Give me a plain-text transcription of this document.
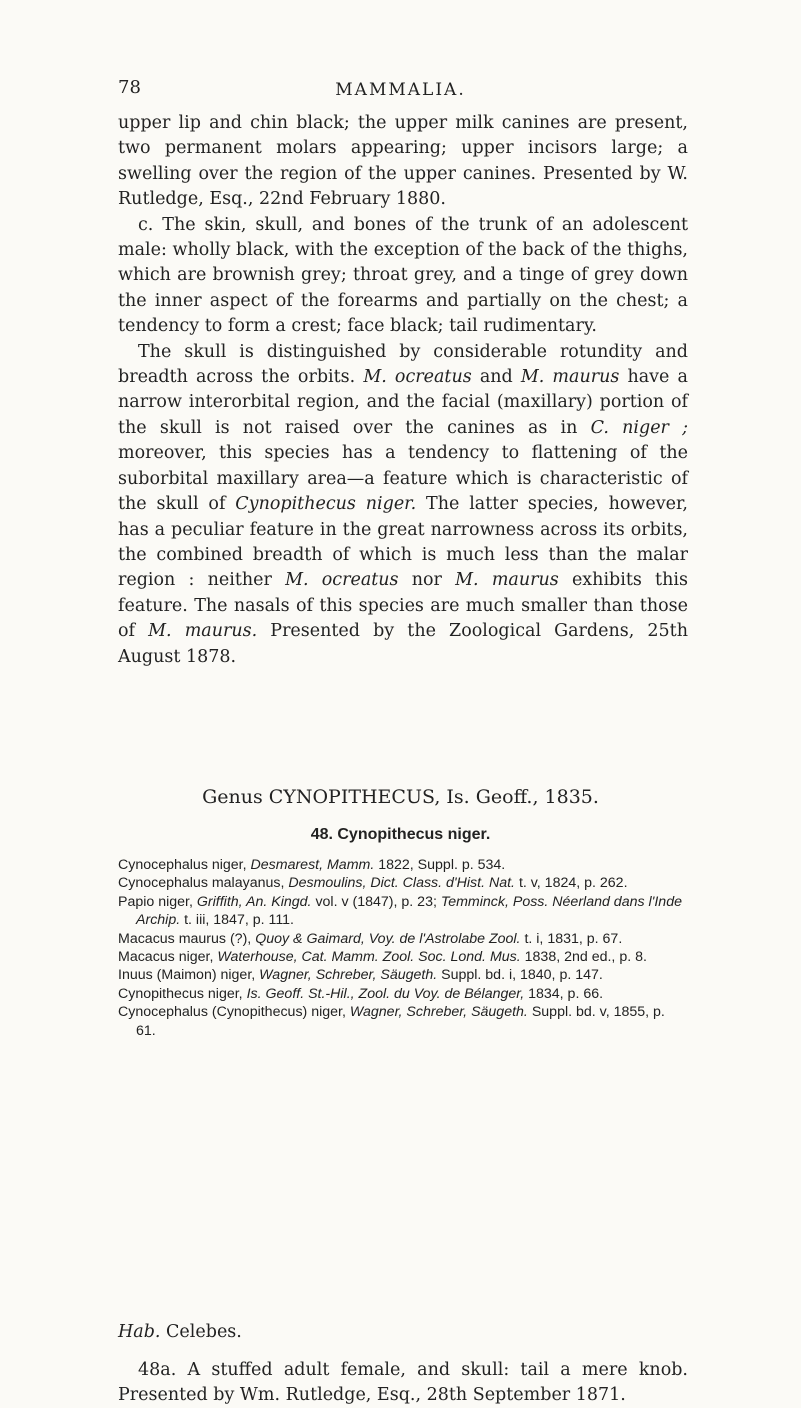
78	MAMMALIA.

upper lip and chin black; the upper milk canines are present, two permanent molars appearing; upper incisors large; a swelling over the region of the upper canines. Presented by W. Rutledge, Esq., 22nd February 1880.

c. The skin, skull, and bones of the trunk of an adolescent male: wholly black, with the exception of the back of the thighs, which are brownish grey; throat grey, and a tinge of grey down the inner aspect of the forearms and partially on the chest; a tendency to form a crest; face black; tail rudimentary.

The skull is distinguished by considerable rotundity and breadth across the orbits. M. ocreatus and M. maurus have a narrow interorbital region, and the facial (maxillary) portion of the skull is not raised over the canines as in C. niger ; moreover, this species has a tendency to flattening of the suborbital maxillary area—a feature which is characteristic of the skull of Cynopithecus niger. The latter species, however, has a peculiar feature in the great narrowness across its orbits, the combined breadth of which is much less than the malar region : neither M. ocreatus nor M. maurus exhibits this feature. The nasals of this species are much smaller than those of M. maurus. Presented by the Zoological Gardens, 25th August 1878.

Genus CYNOPITHECUS, Is. Geoff., 1835.
48. Cynopithecus niger.

Cynocephalus niger, Desmarest, Mamm. 1822, Suppl. p. 534.

Cynocephalus malayanus, Desmoulins, Dict. Class. d'Hist. Nat. t. v, 1824, p. 262.

Papio niger, Griffith, An. Kingd. vol. v (1847), p. 23; Temminck, Poss. Néerland dans l'Inde Archip. t. iii, 1847, p. 111.

Macacus maurus (?), Quoy & Gaimard, Voy. de l'Astrolabe Zool. t. i, 1831, p. 67.

Macacus niger, Waterhouse, Cat. Mamm. Zool. Soc. Lond. Mus. 1838, 2nd ed., p. 8.

Inuus (Maimon) niger, Wagner, Schreber, Säugeth. Suppl. bd. i, 1840, p. 147.

Cynopithecus niger, Is. Geoff. St.-Hil., Zool. du Voy. de Bélanger, 1834, p. 66.

Cynocephalus (Cynopithecus) niger, Wagner, Schreber, Säugeth. Suppl. bd. v, 1855, p. 61.

Hab. Celebes.

48a. A stuffed adult female, and skull: tail a mere knob. Presented by Wm. Rutledge, Esq., 28th September 1871.
